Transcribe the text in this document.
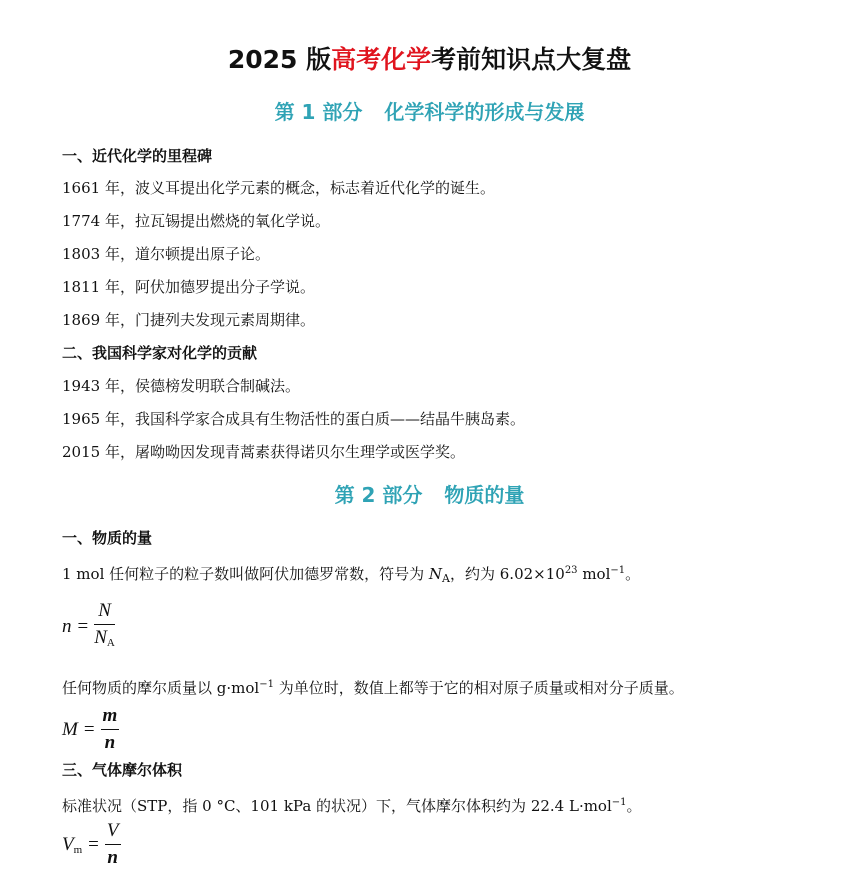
2025 版高考化学考前知识点大复盘
第 1 部分 化学科学的形成与发展
一、近代化学的里程碑
1661 年，波义耳提出化学元素的概念，标志着近代化学的诞生。
1774 年，拉瓦锡提出燃烧的氧化学说。
1803 年，道尔顿提出原子论。
1811 年，阿伏加德罗提出分子学说。
1869 年，门捷列夫发现元素周期律。
二、我国科学家对化学的贡献
1943 年，侯德榜发明联合制碱法。
1965 年，我国科学家合成具有生物活性的蛋白质——结晶牛胰岛素。
2015 年，屠呦呦因发现青蒿素获得诺贝尔生理学或医学奖。
第 2 部分 物质的量
一、物质的量
1 mol 任何粒子的粒子数叫做阿伏加德罗常数，符号为 $N_A$，约为 $6.02\times 10^{23}$ mol$^{-1}$。
$n = \frac{N}{N_A}$
任何物质的摩尔质量以 g·mol$^{-1}$ 为单位时，数值上都等于它的相对原子质量或相对分子质量。
$M = \frac{m}{n}$
三、气体摩尔体积
标准状况（STP，指 0 °C、101 kPa 的状况）下，气体摩尔体积约为 22.4 L·mol$^{-1}$。
$V_m = \frac{V}{n}$
